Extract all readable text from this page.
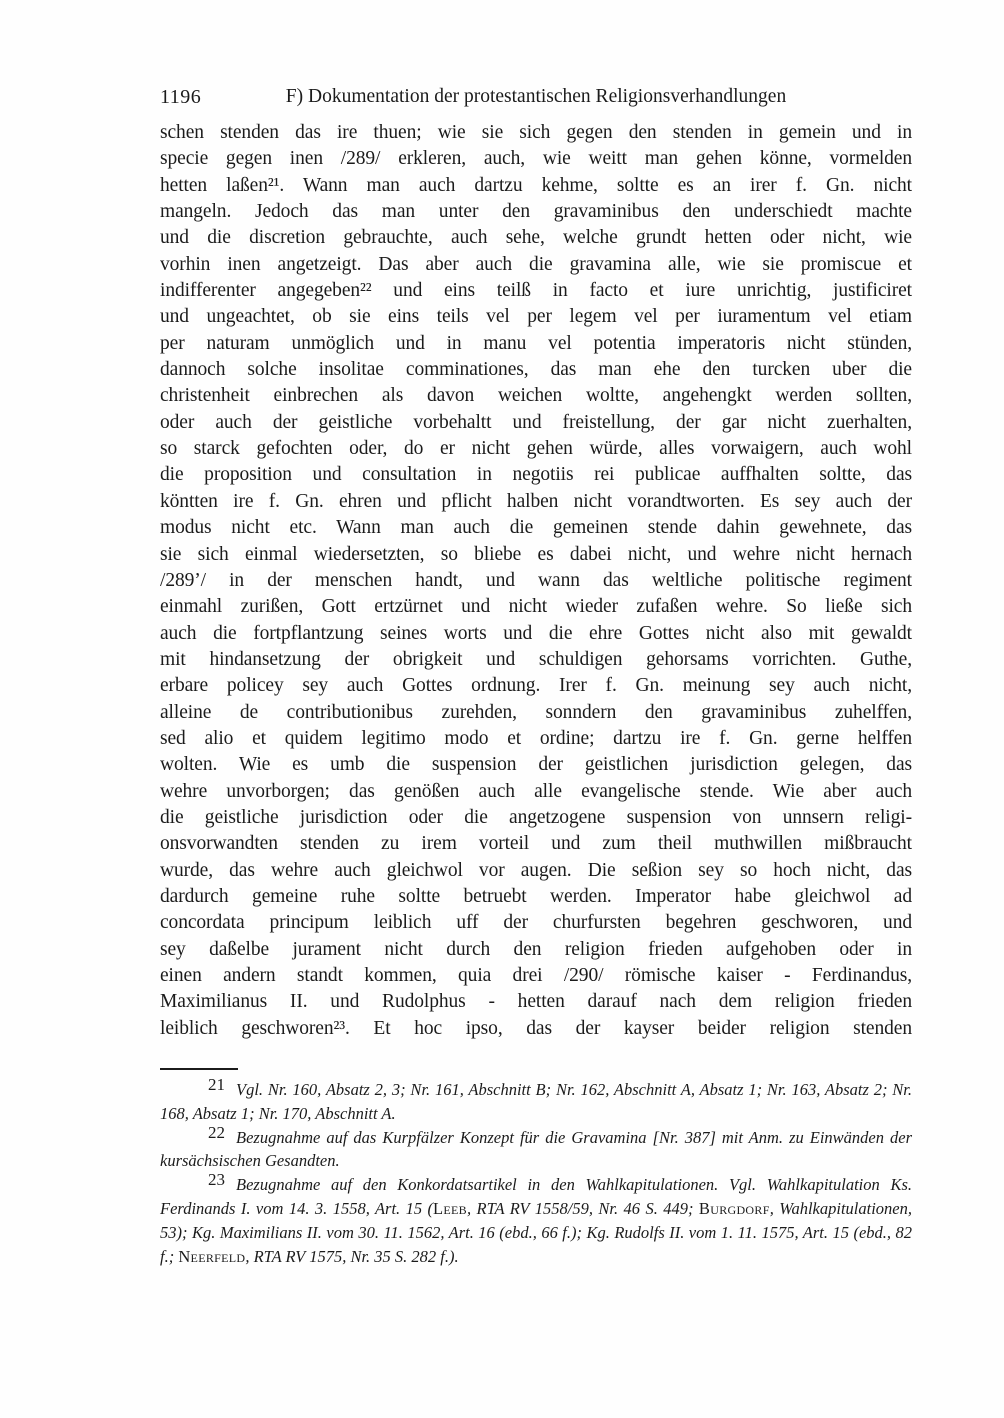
1196	F) Dokumentation der protestantischen Religionsverhandlungen
schen stenden das ire thuen; wie sie sich gegen den stenden in gemein und in
specie gegen inen /289/ erkleren, auch, wie weitt man gehen könne, vormelden
hetten laßen²¹. Wann man auch dartzu kehme, soltte es an irer f. Gn. nicht
mangeln. Jedoch das man unter den gravaminibus den underschiedt machte
und die discretion gebrauchte, auch sehe, welche grundt hetten oder nicht, wie
vorhin inen angetzeigt. Das aber auch die gravamina alle, wie sie promiscue et
indifferenter angegeben²² und eins teilß in facto et iure unrichtig, justificiret
und ungeachtet, ob sie eins teils vel per legem vel per iuramentum vel etiam
per naturam unmöglich und in manu vel potentia imperatoris nicht stünden,
dannoch solche insolitae comminationes, das man ehe den turcken uber die
christenheit einbrechen als davon weichen woltte, angehengkt werden sollten,
oder auch der geistliche vorbehaltt und freistellung, der gar nicht zuerhalten,
so starck gefochten oder, do er nicht gehen würde, alles vorwaigern, auch wohl
die proposition und consultation in negotiis rei publicae auffhalten soltte, das
köntten ire f. Gn. ehren und pflicht halben nicht vorandtworten. Es sey auch der
modus nicht etc. Wann man auch die gemeinen stende dahin gewehnete, das
sie sich einmal wiedersetzten, so bliebe es dabei nicht, und wehre nicht hernach
/289’/ in der menschen handt, und wann das weltliche politische regiment
einmahl zurißen, Gott ertzürnet und nicht wieder zufaßen wehre. So ließe sich
auch die fortpflantzung seines worts und die ehre Gottes nicht also mit gewaldt
mit hindansetzung der obrigkeit und schuldigen gehorsams vorrichten. Guthe,
erbare policey sey auch Gottes ordnung. Irer f. Gn. meinung sey auch nicht,
alleine de contributionibus zurehden, sonndern den gravaminibus zuhelffen,
sed alio et quidem legitimo modo et ordine; dartzu ire f. Gn. gerne helffen
wolten. Wie es umb die suspension der geistlichen jurisdiction gelegen, das
wehre unvorborgen; das genößen auch alle evangelische stende. Wie aber auch
die geistliche jurisdiction oder die angetzogene suspension von unnsern religi-
onsvorwandten stenden zu irem vorteil und zum theil muthwillen mißbraucht
wurde, das wehre auch gleichwol vor augen. Die seßion sey so hoch nicht, das
dardurch gemeine ruhe soltte betruebt werden. Imperator habe gleichwol ad
concordata principum leiblich uff der churfursten begehren geschworen, und
sey daßelbe jurament nicht durch den religion frieden aufgehoben oder in
einen andern standt kommen, quia drei /290/ römische kaiser - Ferdinandus,
Maximilianus II. und Rudolphus - hetten darauf nach dem religion frieden
leiblich geschworen²³. Et hoc ipso, das der kayser beider religion stenden

21 Vgl. Nr. 160, Absatz 2, 3; Nr. 161, Abschnitt B; Nr. 162, Abschnitt A, Absatz 1; Nr. 163, Absatz 2; Nr. 168, Absatz 1; Nr. 170, Abschnitt A.

22 Bezugnahme auf das Kurpfälzer Konzept für die Gravamina [Nr. 387] mit Anm. zu Einwänden der kursächsischen Gesandten.

23 Bezugnahme auf den Konkordatsartikel in den Wahlkapitulationen. Vgl. Wahlkapitulation Ks. Ferdinands I. vom 14. 3. 1558, Art. 15 (Leeb, RTA RV 1558/59, Nr. 46 S. 449; Burgdorf, Wahlkapitulationen, 53); Kg. Maximilians II. vom 30. 11. 1562, Art. 16 (ebd., 66 f.); Kg. Rudolfs II. vom 1. 11. 1575, Art. 15 (ebd., 82 f.; Neerfeld, RTA RV 1575, Nr. 35 S. 282 f.).
